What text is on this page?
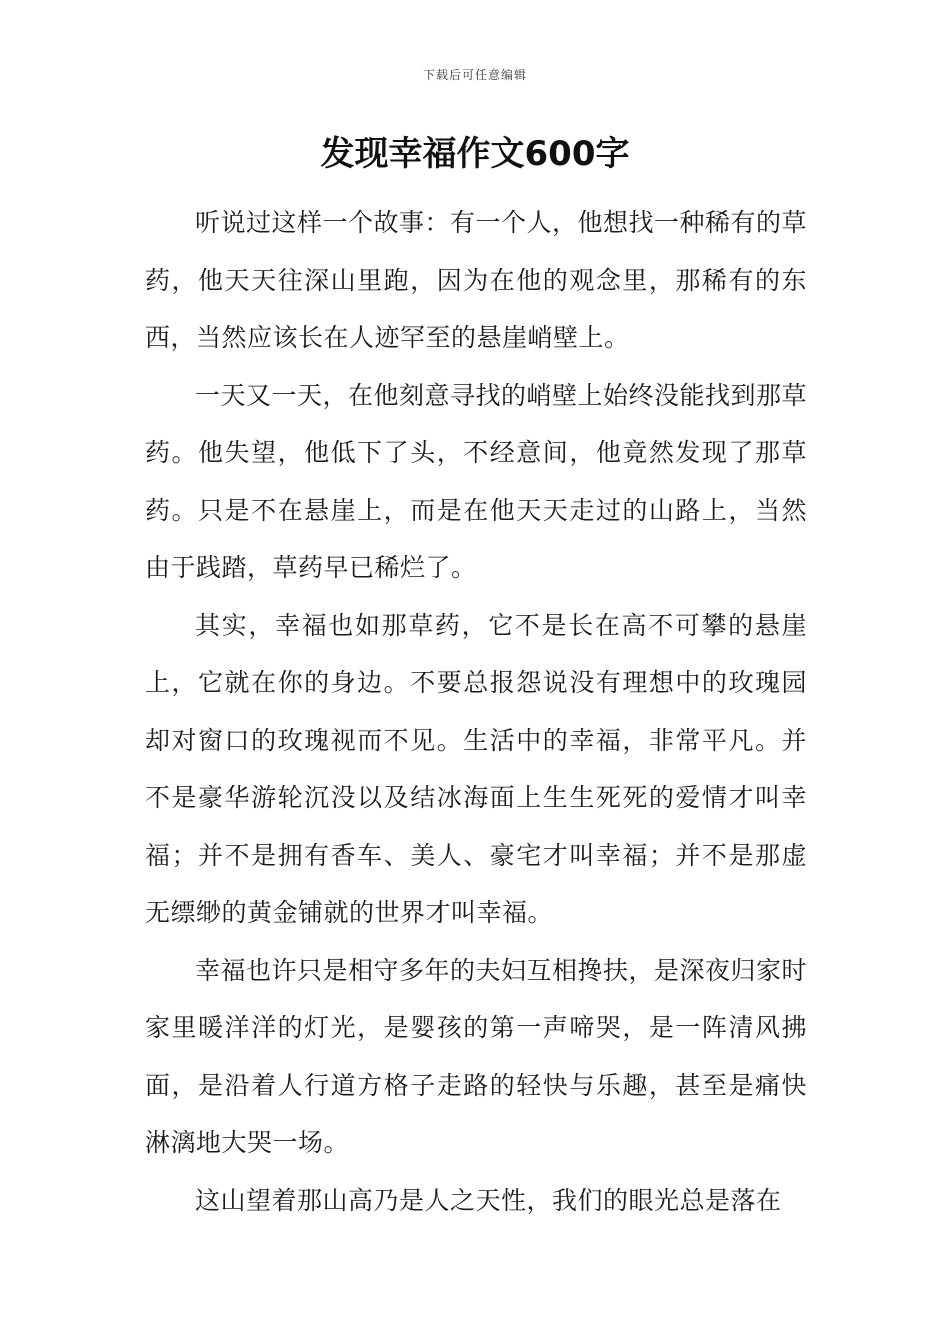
下载后可任意编辑
发现幸福作文600字

听说过这样一个故事：有一个人，他想找一种稀有的草药，他天天往深山里跑，因为在他的观念里，那稀有的东西，当然应该长在人迹罕至的悬崖峭壁上。

一天又一天，在他刻意寻找的峭壁上始终没能找到那草药。他失望，他低下了头，不经意间，他竟然发现了那草药。只是不在悬崖上，而是在他天天走过的山路上，当然由于践踏，草药早已稀烂了。

其实，幸福也如那草药，它不是长在高不可攀的悬崖上，它就在你的身边。不要总报怨说没有理想中的玫瑰园却对窗口的玫瑰视而不见。生活中的幸福，非常平凡。并不是豪华游轮沉没以及结冰海面上生生死死的爱情才叫幸福；并不是拥有香车、美人、豪宅才叫幸福；并不是那虚无缥缈的黄金铺就的世界才叫幸福。

幸福也许只是相守多年的夫妇互相搀扶，是深夜归家时家里暖洋洋的灯光，是婴孩的第一声啼哭，是一阵清风拂面，是沿着人行道方格子走路的轻快与乐趣，甚至是痛快淋漓地大哭一场。

这山望着那山高乃是人之天性，我们的眼光总是落在
